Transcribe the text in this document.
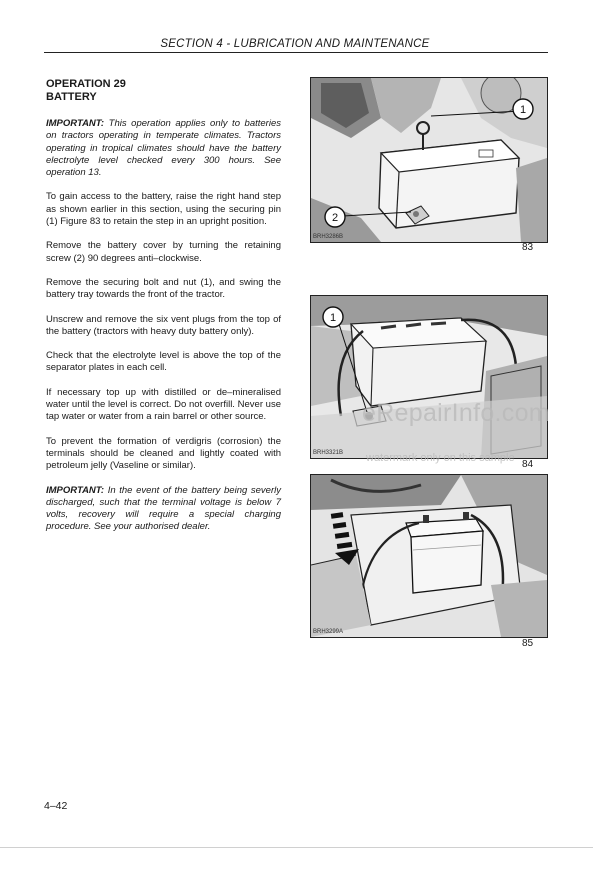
SECTION 4 - LUBRICATION AND MAINTENANCE
OPERATION 29
BATTERY

IMPORTANT: This operation applies only to batteries on tractors operating in temperate climates. Tractors operating in tropical climates should have the battery electrolyte level checked every 300 hours. See operation 13.

To gain access to the battery, raise the right hand step as shown earlier in this section, using the securing pin (1) Figure 83 to retain the step in an upright position.

Remove the battery cover by turning the retaining screw (2) 90 degrees anti–clockwise.

Remove the securing bolt and nut (1), and swing the battery tray towards the front of the tractor.

Unscrew and remove the six vent plugs from the top of the battery (tractors with heavy duty battery only).

Check that the electrolyte level is above the top of the separator plates in each cell.

If necessary top up with distilled or de–mineralised water until the level is correct. Do not overfill. Never use tap water or water from a rain barrel or other source.

To prevent the formation of verdigris (corrosion) the terminals should be cleaned and lightly coated with petroleum jelly (Vaseline or similar).

IMPORTANT: In the event of the battery being severly discharged, such that the terminal voltage is below 7 volts, recovery will require a special charging procedure. See your authorised dealer.

1
2
BRH3286B
83
1
BRH3321B
84
BRH3299A
85
eRepairInfo.com
watermark only on this sample
4–42
